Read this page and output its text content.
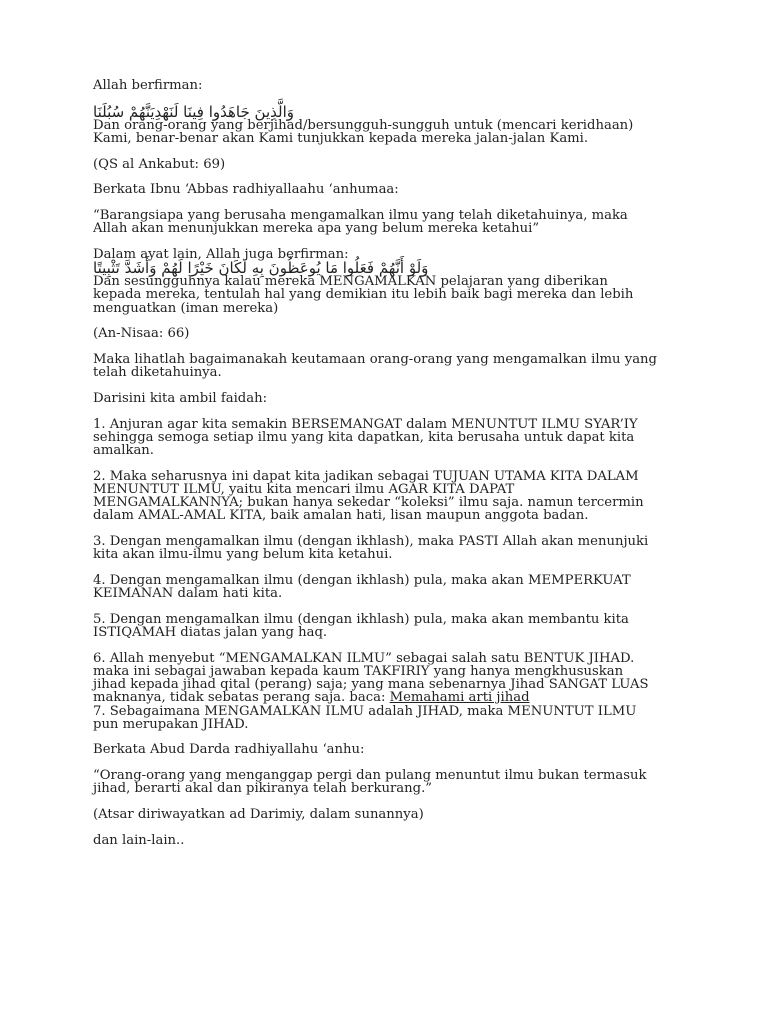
Allah berfirman:
وَالَّذِينَ جَاهَدُوا فِينَا لَنَهْدِيَنَّهُمْ سُبُلَنَا
Dan orang-orang yang berjihad/bersungguh-sungguh untuk (mencari keridhaan)
Kami, benar-benar akan Kami tunjukkan kepada mereka jalan-jalan Kami.
(QS al Ankabut: 69)
Berkata Ibnu ‘Abbas radhiyallaahu ‘anhumaa:
“Barangsiapa yang berusaha mengamalkan ilmu yang telah diketahuinya, maka
Allah akan menunjukkan mereka apa yang belum mereka ketahui”
Dalam ayat lain, Allah juga berfirman:
وَلَوْ أَنَّهُمْ فَعَلُوا مَا يُوعَظُونَ بِهِ لَكَانَ خَيْرًا لَهُمْ وَأَشَدَّ تَثْبِيتًا
Dan sesungguhnya kalau mereka MENGAMALKAN pelajaran yang diberikan
kepada mereka, tentulah hal yang demikian itu lebih baik bagi mereka dan lebih
menguatkan (iman mereka)
(An-Nisaa: 66)
Maka lihatlah bagaimanakah keutamaan orang-orang yang mengamalkan ilmu yang
telah diketahuinya.
Darisini kita ambil faidah:
1. Anjuran agar kita semakin BERSEMANGAT dalam MENUNTUT ILMU SYAR’IY
sehingga semoga setiap ilmu yang kita dapatkan, kita berusaha untuk dapat kita
amalkan.
2. Maka seharusnya ini dapat kita jadikan sebagai TUJUAN UTAMA KITA DALAM
MENUNTUT ILMU, yaitu kita mencari ilmu AGAR KITA DAPAT
MENGAMALKANNYA; bukan hanya sekedar “koleksi” ilmu saja. namun tercermin
dalam AMAL-AMAL KITA, baik amalan hati, lisan maupun anggota badan.
3. Dengan mengamalkan ilmu (dengan ikhlash), maka PASTI Allah akan menunjuki
kita akan ilmu-ilmu yang belum kita ketahui.
4. Dengan mengamalkan ilmu (dengan ikhlash) pula, maka akan MEMPERKUAT
KEIMANAN dalam hati kita.
5. Dengan mengamalkan ilmu (dengan ikhlash) pula, maka akan membantu kita
ISTIQAMAH diatas jalan yang haq.
6. Allah menyebut “MENGAMALKAN ILMU” sebagai salah satu BENTUK JIHAD.
maka ini sebagai jawaban kepada kaum TAKFIRIY yang hanya mengkhususkan
jihad kepada jihad qital (perang) saja; yang mana sebenarnya Jihad SANGAT LUAS
maknanya, tidak sebatas perang saja. baca: Memahami arti jihad
7. Sebagaimana MENGAMALKAN ILMU adalah JIHAD, maka MENUNTUT ILMU
pun merupakan JIHAD.
Berkata Abud Darda radhiyallahu ‘anhu:
“Orang-orang yang menganggap pergi dan pulang menuntut ilmu bukan termasuk
jihad, berarti akal dan pikiranya telah berkurang.”
(Atsar diriwayatkan ad Darimiy, dalam sunannya)
dan lain-lain..
